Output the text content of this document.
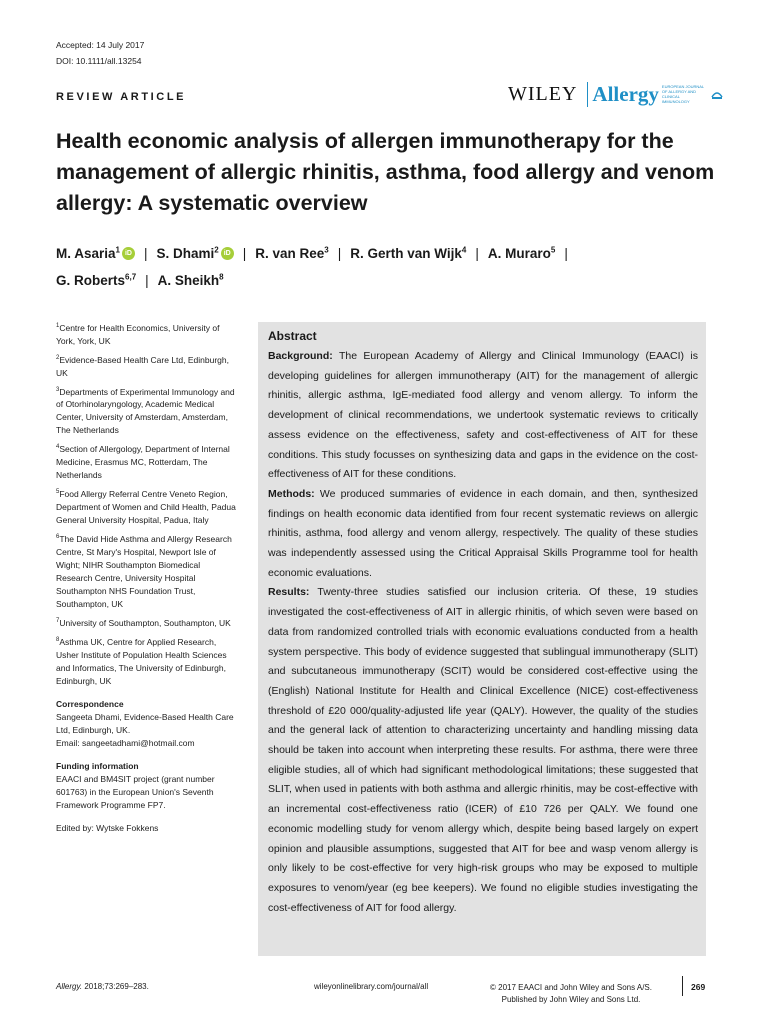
Accepted: 14 July 2017
DOI: 10.1111/all.13254
REVIEW ARTICLE	WILEY Allergy EUROPEAN JOURNAL OF ALLERGY AND CLINICAL IMMUNOLOGY
Health economic analysis of allergen immunotherapy for the management of allergic rhinitis, asthma, food allergy and venom allergy: A systematic overview
M. Asaria$^1$ iD | S. Dhami$^2$ iD | R. van Ree$^3$ | R. Gerth van Wijk$^4$ | A. Muraro$^5$ |
G. Roberts$^{6,7}$ | A. Sheikh$^8$
$^1$Centre for Health Economics, University of York, York, UK
$^2$Evidence-Based Health Care Ltd, Edinburgh, UK
$^3$Departments of Experimental Immunology and of Otorhinolaryngology, Academic Medical Center, University of Amsterdam, Amsterdam, The Netherlands
$^4$Section of Allergology, Department of Internal Medicine, Erasmus MC, Rotterdam, The Netherlands
$^5$Food Allergy Referral Centre Veneto Region, Department of Women and Child Health, Padua General University Hospital, Padua, Italy
$^6$The David Hide Asthma and Allergy Research Centre, St Mary's Hospital, Newport Isle of Wight; NIHR Southampton Biomedical Research Centre, University Hospital Southampton NHS Foundation Trust, Southampton, UK
$^7$University of Southampton, Southampton, UK
$^8$Asthma UK, Centre for Applied Research, Usher Institute of Population Health Sciences and Informatics, The University of Edinburgh, Edinburgh, UK
Correspondence
Sangeeta Dhami, Evidence-Based Health Care Ltd, Edinburgh, UK.
Email: sangeetadhami@hotmail.com
Funding information
EAACI and BM4SIT project (grant number 601763) in the European Union's Seventh Framework Programme FP7.
Edited by: Wytske Fokkens
Abstract

Background: The European Academy of Allergy and Clinical Immunology (EAACI) is developing guidelines for allergen immunotherapy (AIT) for the management of allergic rhinitis, allergic asthma, IgE-mediated food allergy and venom allergy. To inform the development of clinical recommendations, we undertook systematic reviews to critically assess evidence on the effectiveness, safety and cost-effectiveness of AIT for these conditions. This study focusses on synthesizing data and gaps in the evidence on the cost-effectiveness of AIT for these conditions.

Methods: We produced summaries of evidence in each domain, and then, synthesized findings on health economic data identified from four recent systematic reviews on allergic rhinitis, asthma, food allergy and venom allergy, respectively. The quality of these studies was independently assessed using the Critical Appraisal Skills Programme tool for health economic evaluations.

Results: Twenty-three studies satisfied our inclusion criteria. Of these, 19 studies investigated the cost-effectiveness of AIT in allergic rhinitis, of which seven were based on data from randomized controlled trials with economic evaluations conducted from a health system perspective. This body of evidence suggested that sublingual immunotherapy (SLIT) and subcutaneous immunotherapy (SCIT) would be considered cost-effective using the (English) National Institute for Health and Clinical Excellence (NICE) cost-effectiveness threshold of £20 000/quality-adjusted life year (QALY). However, the quality of the studies and the general lack of attention to characterizing uncertainty and handling missing data should be taken into account when interpreting these results. For asthma, there were three eligible studies, all of which had significant methodological limitations; these suggested that SLIT, when used in patients with both asthma and allergic rhinitis, may be cost-effective with an incremental cost-effectiveness ratio (ICER) of £10 726 per QALY. We found one economic modelling study for venom allergy which, despite being based largely on expert opinion and plausible assumptions, suggested that AIT for bee and wasp venom allergy is only likely to be cost-effective for very high-risk groups who may be exposed to multiple exposures to venom/year (eg bee keepers). We found no eligible studies investigating the cost-effectiveness of AIT for food allergy.

Allergy. 2018;73:269–283.	wileyonlinelibrary.com/journal/all	© 2017 EAACI and John Wiley and Sons A/S.
Published by John Wiley and Sons Ltd.
269
